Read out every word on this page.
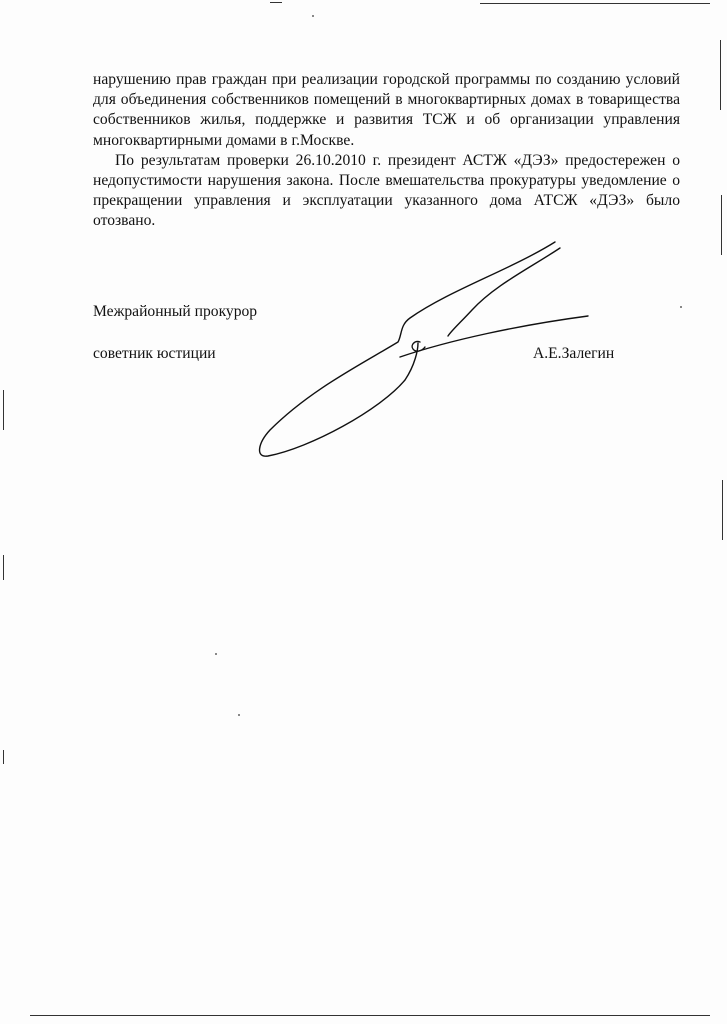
нарушению прав граждан при реализации городской программы по созданию условий для объединения собственников помещений в многоквартирных домах в товарищества собственников жилья, поддержке и развития ТСЖ и об организации управления многоквартирными домами в г.Москве.

По результатам проверки 26.10.2010 г. президент АСТЖ «ДЭЗ» предостережен о недопустимости нарушения закона. После вмешательства прокуратуры уведомление о прекращении управления и эксплуатации указанного дома АТСЖ «ДЭЗ» было отозвано.

Межрайонный прокурор
советник юстиции	А.Е.Залегин
